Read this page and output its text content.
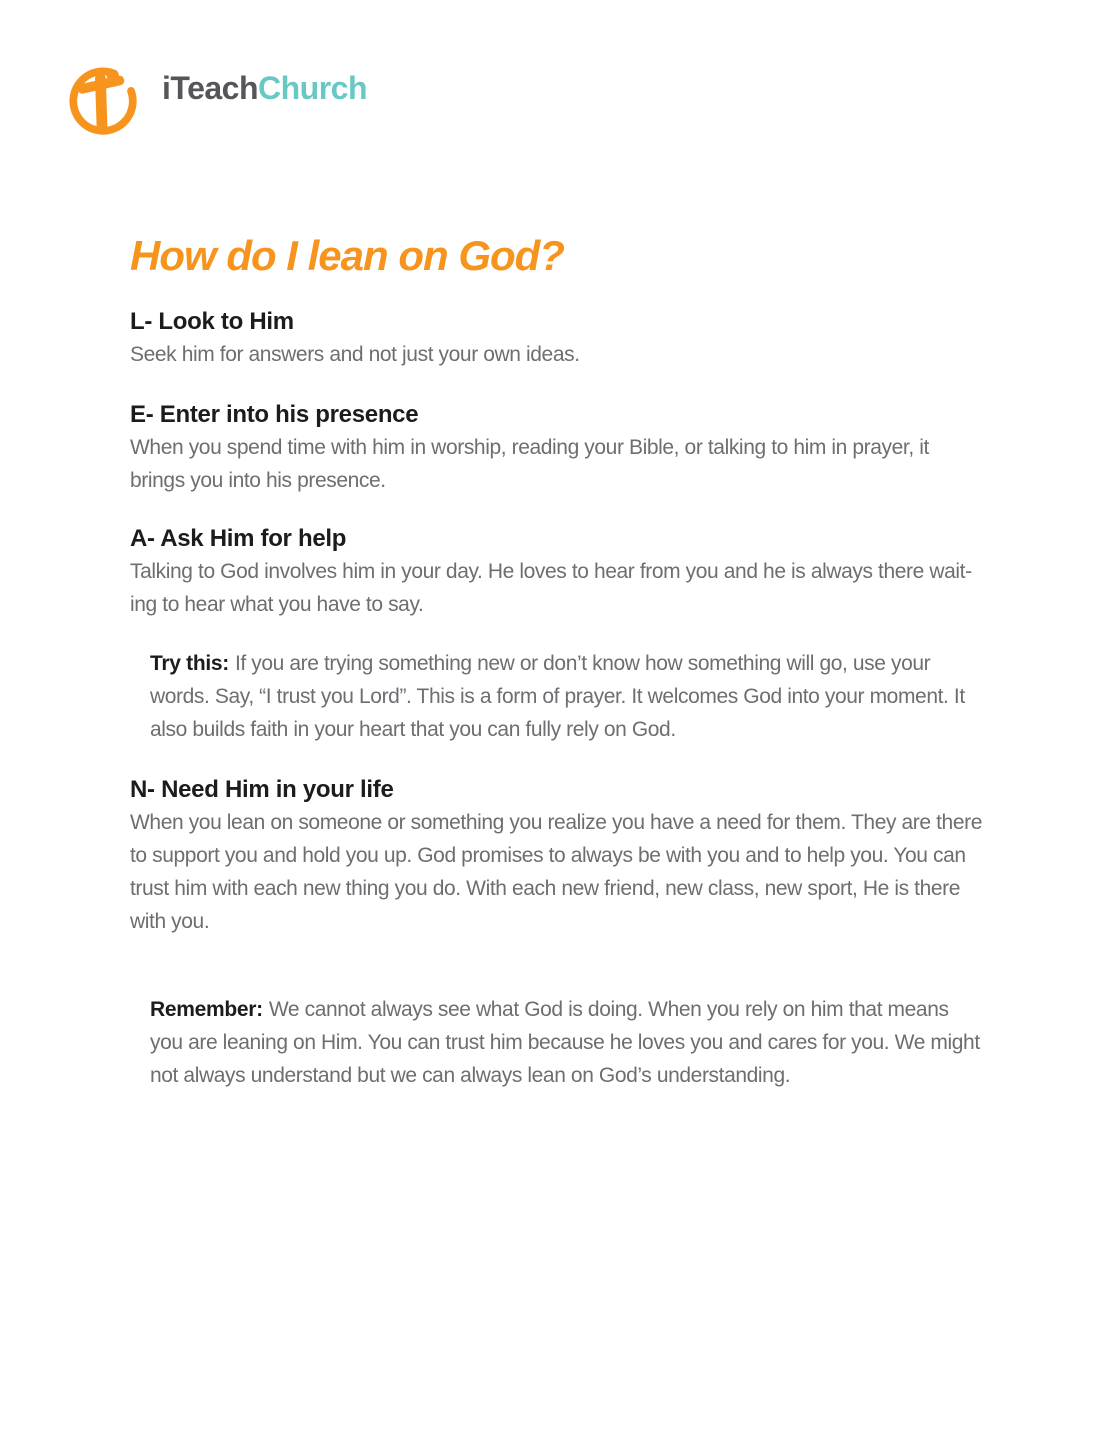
iTeachChurch
How do I lean on God?
L- Look to Him

Seek him for answers and not just your own ideas.

E- Enter into his presence

When you spend time with him in worship, reading your Bible, or talking to him in prayer, it
brings you into his presence.

A- Ask Him for help

Talking to God involves him in your day. He loves to hear from you and he is always there wait-
ing to hear what you have to say.

Try this: If you are trying something new or don’t know how something will go, use your
words. Say, “I trust you Lord”. This is a form of prayer. It welcomes God into your moment. It
also builds faith in your heart that you can fully rely on God.

N- Need Him in your life

When you lean on someone or something you realize you have a need for them. They are there
to support you and hold you up. God promises to always be with you and to help you. You can
trust him with each new thing you do. With each new friend, new class, new sport, He is there
with you.

Remember: We cannot always see what God is doing. When you rely on him that means
you are leaning on Him. You can trust him because he loves you and cares for you. We might
not always understand but we can always lean on God’s understanding.
